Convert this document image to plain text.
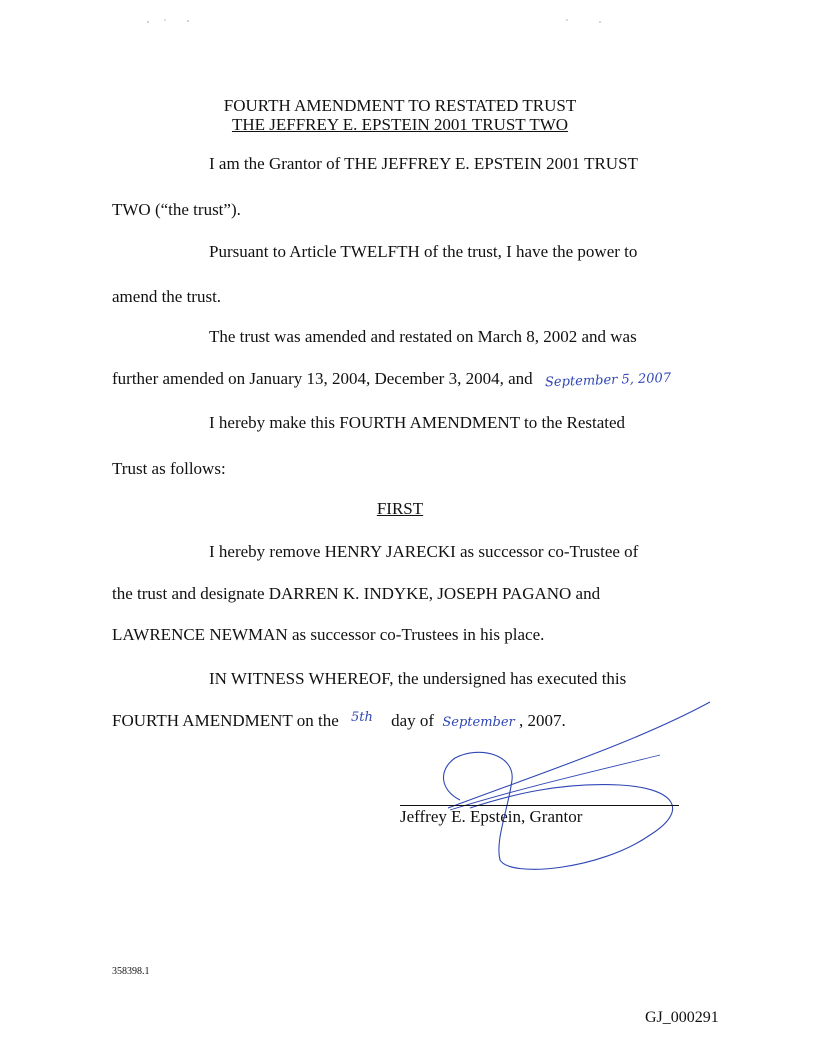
FOURTH AMENDMENT TO RESTATED TRUST
THE JEFFREY E. EPSTEIN 2001 TRUST TWO
I am the Grantor of THE JEFFREY E. EPSTEIN 2001 TRUST
TWO (“the trust”).
Pursuant to Article TWELFTH of the trust, I have the power to
amend the trust.
The trust was amended and restated on March 8, 2002 and was
further amended on January 13, 2004, December 3, 2004, and September 5, 2007
I hereby make this FOURTH AMENDMENT to the Restated
Trust as follows:
FIRST
I hereby remove HENRY JARECKI as successor co-Trustee of
the trust and designate DARREN K. INDYKE, JOSEPH PAGANO and
LAWRENCE NEWMAN as successor co-Trustees in his place.
IN WITNESS WHEREOF, the undersigned has executed this
FOURTH AMENDMENT on the 5th day of September , 2007.
Jeffrey E. Epstein, Grantor
358398.1
GJ_000291
